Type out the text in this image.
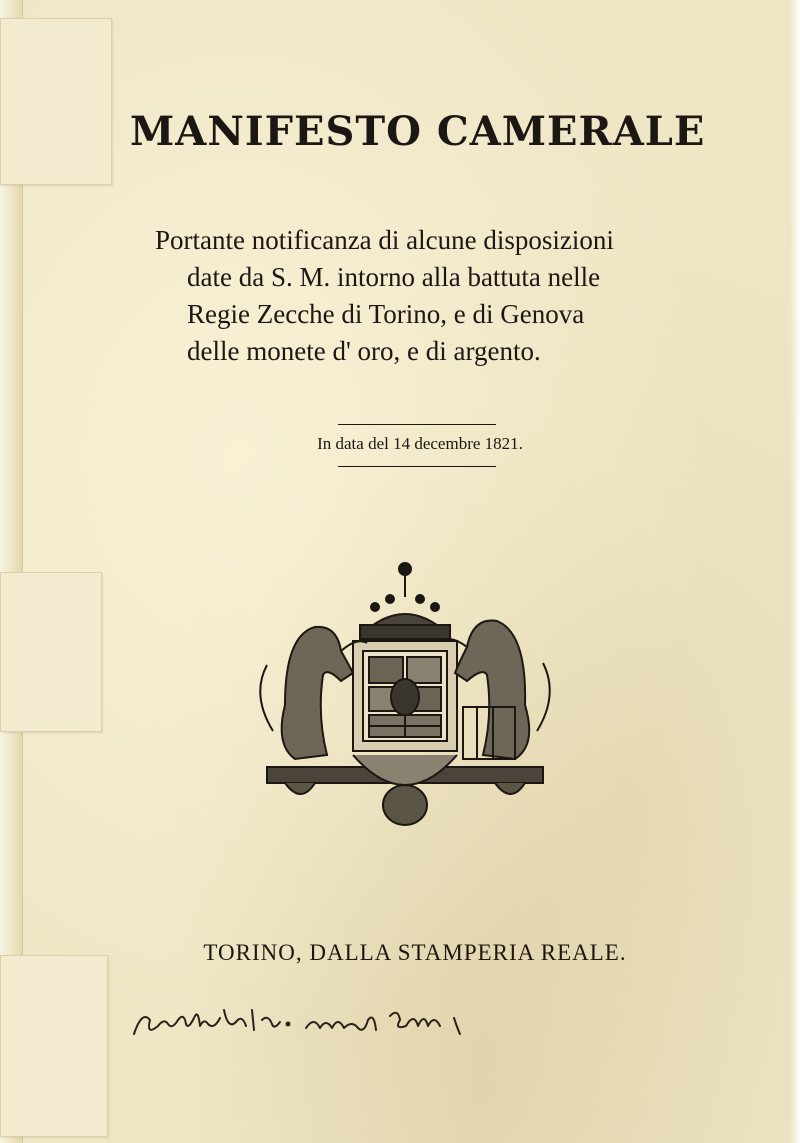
MANIFESTO CAMERALE
Portante notificanza di alcune disposizioni
date da S. M. intorno alla battuta nelle
Regie Zecche di Torino, e di Genova
delle monete d' oro, e di argento.
In data del 14 decembre 1821.
TORINO, DALLA STAMPERIA REALE.
